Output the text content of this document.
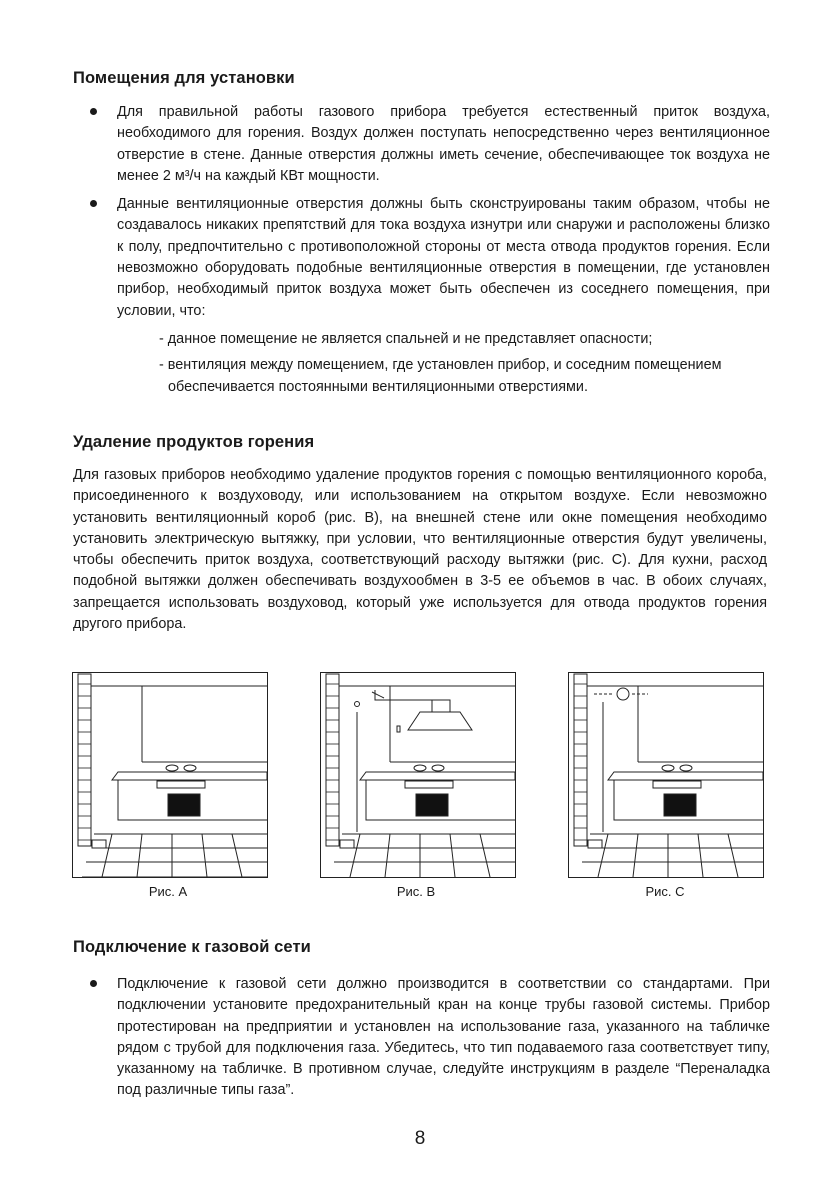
Помещения для установки

Для правильной работы газового прибора требуется естественный приток воздуха, необходимого для горения. Воздух должен поступать непосредственно через вентиляционное отверстие в стене. Данные отверстия должны иметь сечение, обеспечивающее ток воздуха не менее 2 м³/ч на каждый КВт мощности.

Данные вентиляционные отверстия должны быть сконструированы таким образом, чтобы не создавалось никаких препятствий для тока воздуха изнутри или снаружи и расположены близко к полу, предпочтительно с противоположной стороны от места отвода продуктов горения. Если невозможно оборудовать подобные вентиляционные отверстия в помещении, где установлен прибор, необходимый приток воздуха может быть обеспечен из соседнего помещения, при условии, что:

- данное помещение не является спальней и не представляет опасности;
- вентиляция между помещением, где установлен прибор, и соседним помещением обеспечивается постоянными вентиляционными отверстиями.
Удаление продуктов горения

Для газовых приборов необходимо удаление продуктов горения с помощью вентиляционного короба, присоединенного к воздуховоду, или использованием на открытом воздухе. Если невозможно установить вентиляционный короб (рис. В), на внешней стене или окне помещения необходимо установить электрическую вытяжку, при условии, что вентиляционные отверстия будут увеличены, чтобы обеспечить приток воздуха, соответствующий расходу вытяжки (рис. С). Для кухни, расход подобной вытяжки должен обеспечивать воздухообмен в 3-5 ее объемов в час. В обоих случаях, запрещается использовать воздуховод, который уже используется для отвода продуктов горения другого прибора.

Рис. А	Рис. В	Рис. С
Подключение к газовой сети

Подключение к газовой сети должно производится в соответствии со стандартами. При подключении установите предохранительный кран на конце трубы газовой системы. Прибор протестирован на предприятии и установлен на использование газа, указанного на табличке рядом с трубой для подключения газа. Убедитесь, что тип подаваемого газа соответствует типу, указанному на табличке. В противном случае, следуйте инструкциям в разделе “Переналадка под различные типы газа”.

8
